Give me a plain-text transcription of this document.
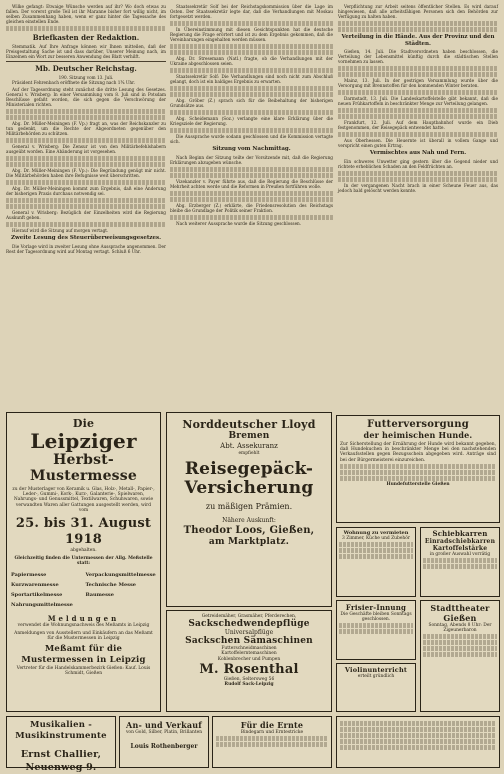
Wilke gefangt: Etwaige Wünsche werden auf ihr? Wo doch etwas zu fallen. Der vorerst große Teil ist ihr Maranne bisher fort willig nicht, im selben Zusammenhang haben, wenn er ganz hinter die Tagessache des gleichen einstellen Ende.
Briefkasten der Redaktion.
Stemmatik. Auf Ihre Anfrage können wir Ihnen mitteilen, daß der Preisgestaltung Sache ist und dass darüber, Unserer Meinung nach, im Einzelnen ein Wort zur besseren Anwendung des Blatt verhilft.
Mb. Deutscher Reichstag.
190. Sitzung vom 13. Juli.
Präsident Fehrenbach eröffnete die Sitzung nach 1¾ Uhr.
Auf der Tagesordnung steht zunächst die dritte Lesung des Gesetzes. General v. Wrisberg: In einer Versammlung vom 8. Juli sind in Potsdam Beschlüsse gefaßt worden, die sich gegen die Verschwörung der Ministerialen richten.
Abg. Dr. Müller-Meiningen (F. Vp.) fragt an, was der Reichskanzler zu tun gedenkt, um die Rechte der Abgeordneten gegenüber den Militärbehörden zu schützen.
General v. Wrisberg: Die Zensur ist von den Militärbefehlshabern ausgeübt worden. Eine Abänderung ist vorgesehen.
Abg. Dr. Müller-Meiningen (F. Vp.): Die Begründung genügt mir nicht. Die Militärbehörden haben ihre Befugnisse weit überschritten.
Abg. Dr. Müller-Meiningen kommt zum Ergebnis, daß eine Änderung der bisherigen Praxis durchaus notwendig sei.
General v. Wrisberg: Bezüglich der Einzelheiten wird die Regierung Auskunft geben.
Hierauf wird die Sitzung auf morgen vertagt.
Zweite Lesung des Steuerüberweisungsgesetzes.
Die Vorlage wird in zweiter Lesung ohne Aussprache angenommen. Der Rest der Tagesordnung wird auf Montag vertagt. Schluß 6 Uhr.
Staatssekretär Solf bei der Reichstagskommission über die Lage im Osten. Der Staatssekretär legte dar, daß die Verhandlungen mit Moskau fortgesetzt werden.
In Übereinstimmung mit diesen Gesichtspunkten hat die deutsche Regierung die Frage erörtert und ist zu dem Ergebnis gekommen, daß die Vereinbarungen eingehalten werden müssen.
Abg. Dr. Stresemann (Natl.) fragte, ob die Verhandlungen mit der Ukraine abgeschlossen seien.
Staatssekretär Solf: Die Verhandlungen sind noch nicht zum Abschluß gelangt, doch ist ein baldiges Ergebnis zu erwarten.
Abg. Gröber (Z.) sprach sich für die Beibehaltung der bisherigen Grundsätze aus.
Abg. Scheidemann (Soz.) verlangte eine klare Erklärung über die Kriegsziele der Regierung.
Die Aussprache wurde sodann geschlossen und die Kommission vertagte sich.
Sitzung vom Nachmittag.
Nach Beginn der Sitzung teilte der Vorsitzende mit, daß die Regierung Erklärungen abzugeben wünsche.
Vizekanzler v. Payer führte aus, daß die Regierung die Beschlüsse der Mehrheit achten werde und die Reformen in Preußen fortführen wolle.
Abg. Erzberger (Z.) erklärte, die Friedensresolution des Reichstags bleibe die Grundlage der Politik seiner Fraktion.
Nach weiterer Aussprache wurde die Sitzung geschlossen.
Verpflichtung zur Arbeit seitens öffentlicher Stellen. Es wird darauf hingewiesen, daß alle arbeitsfähigen Personen sich den Behörden zur Verfügung zu halten haben.
Verteilung in die Hände. Aus der Provinz und den Städten.
Gießen, 14. Juli. Die Stadtverordneten haben beschlossen, die Verteilung der Lebensmittel künftig durch die städtischen Stellen vornehmen zu lassen.
Mainz, 13. Juli. In der gestrigen Versammlung wurde über die Versorgung mit Brennstoffen für den kommenden Winter beraten.
Darmstadt, 13. Juli. Die Landeskartoffelstelle gibt bekannt, daß die neuen Frühkartoffeln in beschränkter Menge zur Verteilung gelangen.
Frankfurt, 12. Juli. Auf dem Hauptbahnhof wurde ein Dieb festgenommen, der Reisegepäck entwendet hatte.
Aus Oberhessen. Die Heuernte ist überall in vollem Gange und verspricht einen guten Ertrag.
Vermischtes aus Nah und Fern.
Ein schweres Unwetter ging gestern über die Gegend nieder und richtete erheblichen Schaden an den Feldfrüchten an.
In der vergangenen Nacht brach in einer Scheune Feuer aus, das jedoch bald gelöscht werden konnte.
Futterversorgung
der heimischen Hunde.
Zur Sicherstellung der Ernährung der Hunde wird bekannt gegeben, daß Hundekuchen in beschränkter Menge bei den nachstehenden Verkaufsstellen gegen Bezugsschein abgegeben wird. Anträge sind bei der Bürgermeisterei einzureichen.
Hundefutterstelle Gießen
Die
Leipziger
Herbst-Mustermesse
zu der Musterlager von Keramik u. Glas, Holz-, Metall-, Papier-, Leder-, Gummi-, Kork-, Kurz-, Galanterie-, Spielwaren, Nahrungs- und Genussmittel, Textilwaren, Schuhwaren, sowie verwandten Waren aller Gattungen ausgestellt werden, wird vom
25. bis 31. August 1918
abgehalten.
Gleichzeitig finden die Untermessen der Allg. Meßstelle statt:
Papiermesse
Kurzwarenmesse
Sportartikelmesse
Nahrungsmittelmesse
Verpackungsmittelmesse
Technische Messe
Baumesse
Meldungen
verwendet die Wohnungsnachweis des Meßamts in Leipzig
Anmeldungen von Ausstellern und Einkäufern an das Meßamt für die Mustermessen in Leipzig
Meßamt für die Mustermessen in Leipzig
Vertreter für die Handelskammerbezirk Gießen: Kauf. Louis Schmidt, Gießen
Norddeutscher Lloyd
Bremen
Abt. Assekuranz
empfiehlt
Reisegepäck-
Versicherung
zu mäßigen Prämien.
Nähere Auskunft:
Theodor Loos, Gießen,
am Marktplatz.
Getreidemäher, Grasmäher, Pferderechen,
Sackschedwendepflüge
Universalpflüge
Sackschen Sämaschinen
Futterschneidmaschinen
Kartoffelerntemaschinen
Kohlenbrecher und Pumpen
M. Rosenthal
Gießen, Seltersweg 56
Rudolf Sack-Leipzig
Wohnung zu vermieten
3 Zimmer, Küche und Zubehör
Schiebkarren
Einradschiebkarren
Kartoffelstärke
in großer Auswahl vorrätig
Frisier-Innung
Die Geschäfte bleiben Sonntags geschlossen.
Stadttheater Gießen
Sonntag, Abends 8 Uhr: Der Zigeunerbaron
Violinunterricht
erteilt gründlich
Musikalien - Musikinstrumente
Ernst Challier, Neuenweg 9.
An- und Verkauf
von Gold, Silber, Platin, Brillanten
Louis Rothenberger
Für die Ernte
Bindegarn und Erntestricke
